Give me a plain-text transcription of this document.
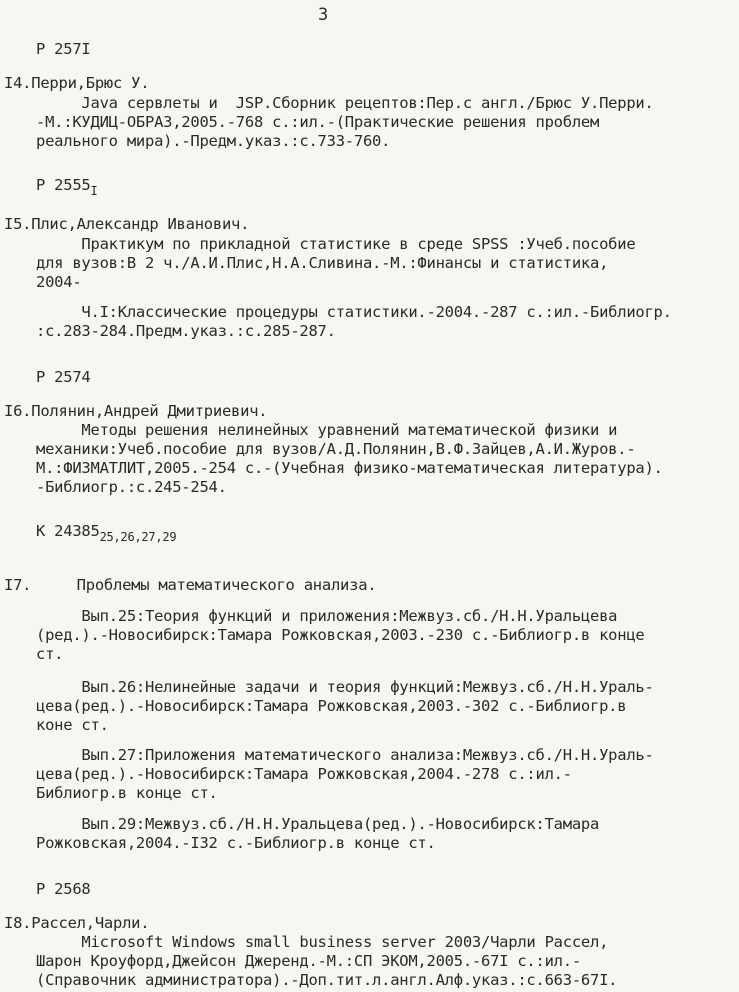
3
Р 257I
I4.Перри,Брюс У.
Java сервлеты и  JSP.Сборник рецептов:Пер.с англ./Брюс У.Перри.
-М.:КУДИЦ-ОБРАЗ,2005.-768 с.:ил.-(Практические решения проблем
реального мира).-Предм.указ.:с.733-760.
Р $2555_I$
I5.Плис,Александр Иванович.
Практикум по прикладной статистике в среде SPSS :Учеб.пособие
для вузов:В 2 ч./А.И.Плис,Н.А.Сливина.-М.:Финансы и статистика,
2004-
Ч.I:Классические процедуры статистики.-2004.-287 с.:ил.-Библиогр.
:с.283-284.Предм.указ.:с.285-287.
Р 2574
I6.Полянин,Андрей Дмитриевич.
Методы решения нелинейных уравнений математической физики и
механики:Учеб.пособие для вузов/А.Д.Полянин,В.Ф.Зайцев,А.И.Журов.-
М.:ФИЗМАТЛИТ,2005.-254 с.-(Учебная физико-математическая литература).
-Библиогр.:с.245-254.
К $24385_{25,26,27,29}$
I7.     Проблемы математического анализа.
Вып.25:Теория функций и приложения:Межвуз.сб./Н.Н.Уральцева
(ред.).-Новосибирск:Тамара Рожковская,2003.-230 с.-Библиогр.в конце
ст.
Вып.26:Нелинейные задачи и теория функций:Межвуз.сб./Н.Н.Ураль-
цева(ред.).-Новосибирск:Тамара Рожковская,2003.-302 с.-Библиогр.в
коне ст.
Вып.27:Приложения математического анализа:Межвуз.сб./Н.Н.Ураль-
цева(ред.).-Новосибирск:Тамара Рожковская,2004.-278 с.:ил.-
Библиогр.в конце ст.
Вып.29:Межвуз.сб./Н.Н.Уральцева(ред.).-Новосибирск:Тамара
Рожковская,2004.-I32 с.-Библиогр.в конце ст.
Р 2568
I8.Рассел,Чарли.
Microsoft Windows small business server 2003/Чарли Рассел,
Шарон Кроуфорд,Джейсон Джеренд.-М.:СП ЭКОМ,2005.-67I с.:ил.-
(Справочник администратора).-Доп.тит.л.англ.Алф.указ.:с.663-67I.
